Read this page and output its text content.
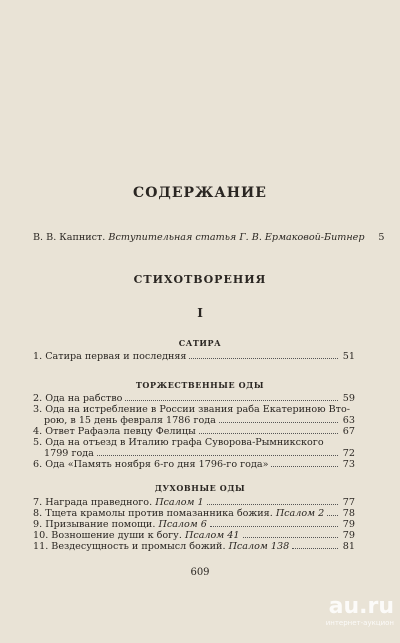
СОДЕРЖАНИЕ
В. В. Капнист. Вступительная статья Г. В. Ермаковой-Битнер	5
СТИХОТВОРЕНИЯ
I
САТИРА
1. Сатира первая и последняя	51
ТОРЖЕСТВЕННЫЕ ОДЫ
2. Ода на рабство	59
3. Ода на истребление в России звания раба Екатериною Вто-
рою, в 15 день февраля 1786 года	63
4. Ответ Рафаэла певцу Фелицы	67
5. Ода на отъезд в Италию графа Суворова-Рымникского
1799 года	72
6. Ода «Память ноября 6-го дня 1796-го года»	73
ДУХОВНЫЕ ОДЫ
7. Награда праведного. Псалом 1	77
8. Тщета крамолы против помазанника божия. Псалом 2 78
9. Призывание помощи. Псалом 6	79
10. Возношение души к богу. Псалом 41	79
11. Вездесущность и промысл божий. Псалом 138	81
609
au.ru
интернет-аукцион
